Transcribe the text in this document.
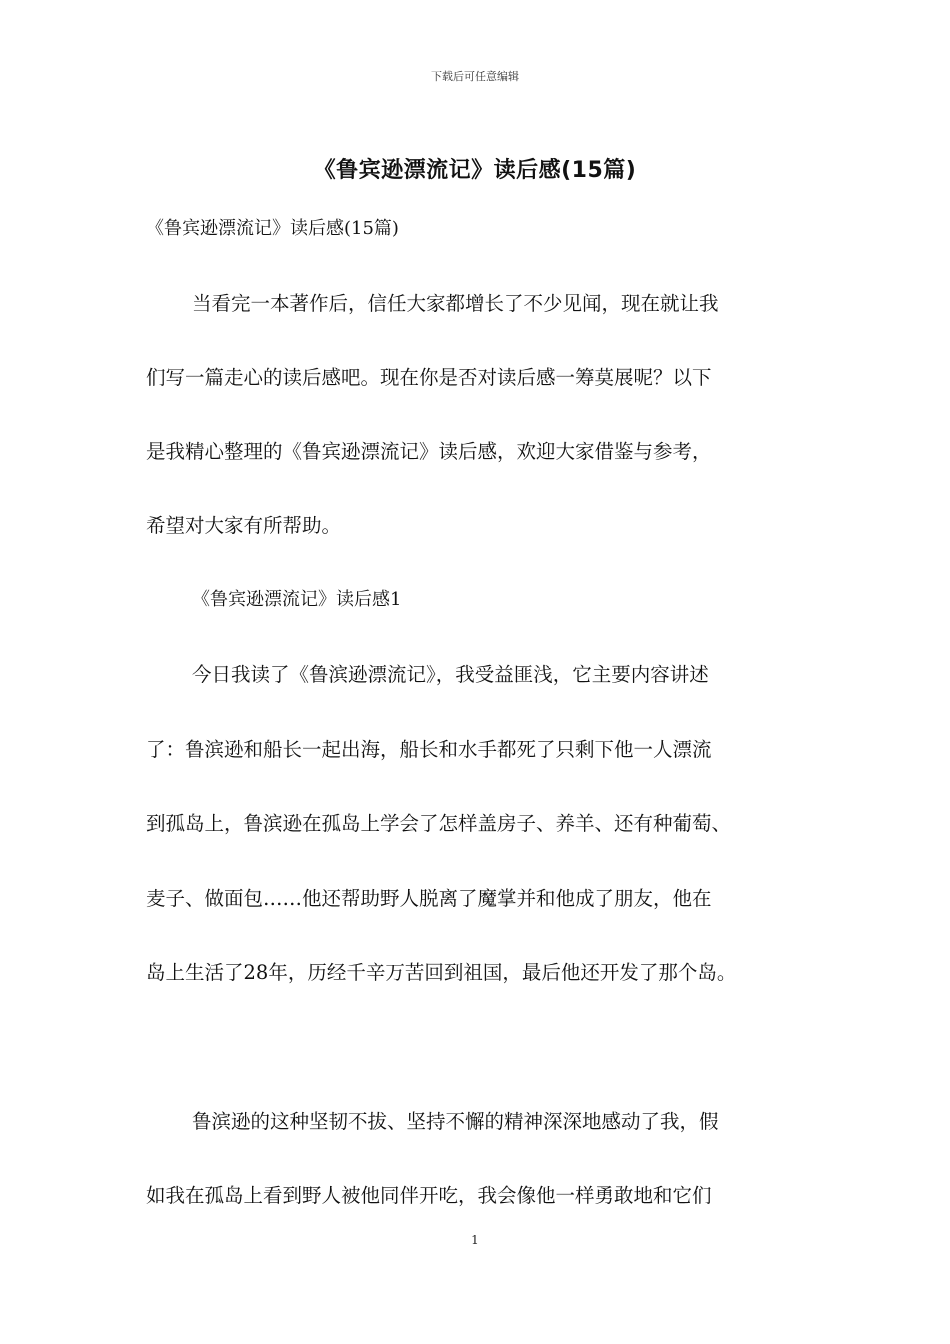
下载后可任意编辑
《鲁宾逊漂流记》读后感(15篇)
《鲁宾逊漂流记》读后感(15篇)
当看完一本著作后，信任大家都增长了不少见闻，现在就让我
们写一篇走心的读后感吧。现在你是否对读后感一筹莫展呢？以下
是我精心整理的《鲁宾逊漂流记》读后感，欢迎大家借鉴与参考，
希望对大家有所帮助。
《鲁宾逊漂流记》读后感1
今日我读了《鲁滨逊漂流记》，我受益匪浅，它主要内容讲述
了：鲁滨逊和船长一起出海，船长和水手都死了只剩下他一人漂流
到孤岛上，鲁滨逊在孤岛上学会了怎样盖房子、养羊、还有种葡萄、
麦子、做面包……他还帮助野人脱离了魔掌并和他成了朋友，他在
岛上生活了28年，历经千辛万苦回到祖国，最后他还开发了那个岛。
鲁滨逊的这种坚韧不拔、坚持不懈的精神深深地感动了我，假
如我在孤岛上看到野人被他同伴开吃，我会像他一样勇敢地和它们
1
